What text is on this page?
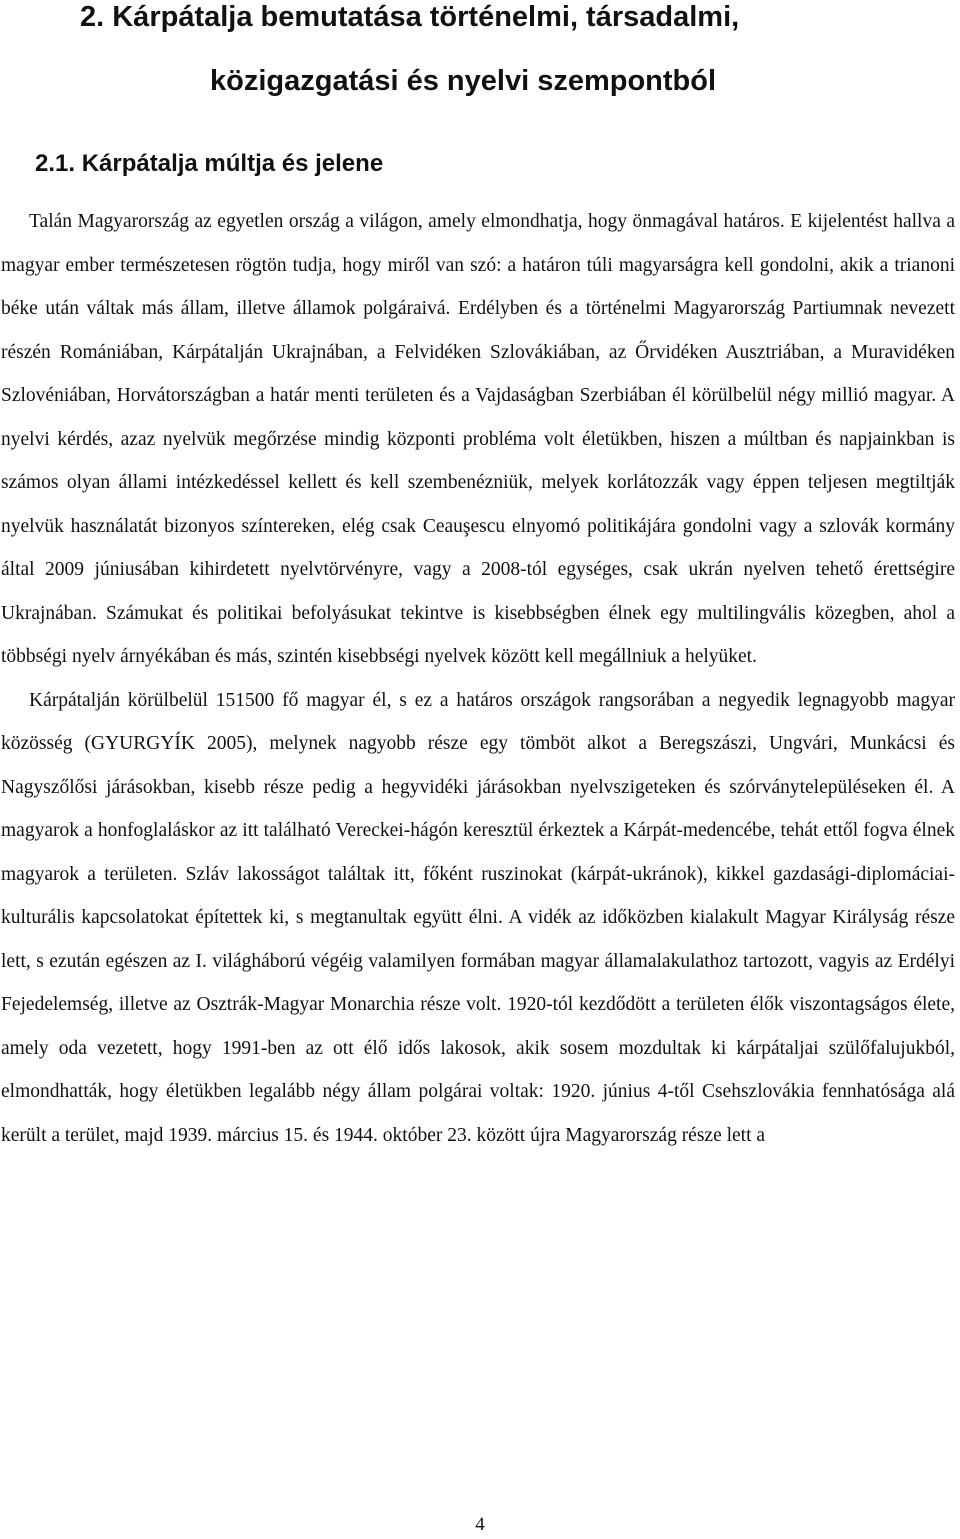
2. Kárpátalja bemutatása történelmi, társadalmi,
közigazgatási és nyelvi szempontból
2.1. Kárpátalja múltja és jelene

Talán Magyarország az egyetlen ország a világon, amely elmondhatja, hogy önmagával határos. E kijelentést hallva a magyar ember természetesen rögtön tudja, hogy miről van szó: a határon túli magyarságra kell gondolni, akik a trianoni béke után váltak más állam, illetve államok polgáraivá. Erdélyben és a történelmi Magyarország Partiumnak nevezett részén Romániában, Kárpátalján Ukrajnában, a Felvidéken Szlovákiában, az Őrvidéken Ausztriában, a Muravidéken Szlovéniában, Horvátországban a határ menti területen és a Vajdaságban Szerbiában él körülbelül négy millió magyar. A nyelvi kérdés, azaz nyelvük megőrzése mindig központi probléma volt életükben, hiszen a múltban és napjainkban is számos olyan állami intézkedéssel kellett és kell szembenézniük, melyek korlátozzák vagy éppen teljesen megtiltják nyelvük használatát bizonyos színtereken, elég csak Ceauşescu elnyomó politikájára gondolni vagy a szlovák kormány által 2009 júniusában kihirdetett nyelvtörvényre, vagy a 2008-tól egységes, csak ukrán nyelven tehető érettségire Ukrajnában. Számukat és politikai befolyásukat tekintve is kisebbségben élnek egy multilingvális közegben, ahol a többségi nyelv árnyékában és más, szintén kisebbségi nyelvek között kell megállniuk a helyüket.

Kárpátalján körülbelül 151500 fő magyar él, s ez a határos országok rangsorában a negyedik legnagyobb magyar közösség (GYURGYÍK 2005), melynek nagyobb része egy tömböt alkot a Beregszászi, Ungvári, Munkácsi és Nagyszőlősi járásokban, kisebb része pedig a hegyvidéki járásokban nyelvszigeteken és szórványtelepüléseken él. A magyarok a honfoglaláskor az itt található Vereckei-hágón keresztül érkeztek a Kárpát-medencébe, tehát ettől fogva élnek magyarok a területen. Szláv lakosságot találtak itt, főként ruszinokat (kárpát-ukránok), kikkel gazdasági-diplomáciai-kulturális kapcsolatokat építettek ki, s megtanultak együtt élni. A vidék az időközben kialakult Magyar Királyság része lett, s ezután egészen az I. világháború végéig valamilyen formában magyar államalakulathoz tartozott, vagyis az Erdélyi Fejedelemség, illetve az Osztrák-Magyar Monarchia része volt. 1920-tól kezdődött a területen élők viszontagságos élete, amely oda vezetett, hogy 1991-ben az ott élő idős lakosok, akik sosem mozdultak ki kárpátaljai szülőfalujukból, elmondhatták, hogy életükben legalább négy állam polgárai voltak: 1920. június 4-től Csehszlovákia fennhatósága alá került a terület, majd 1939. március 15. és 1944. október 23. között újra Magyarország része lett a

4
